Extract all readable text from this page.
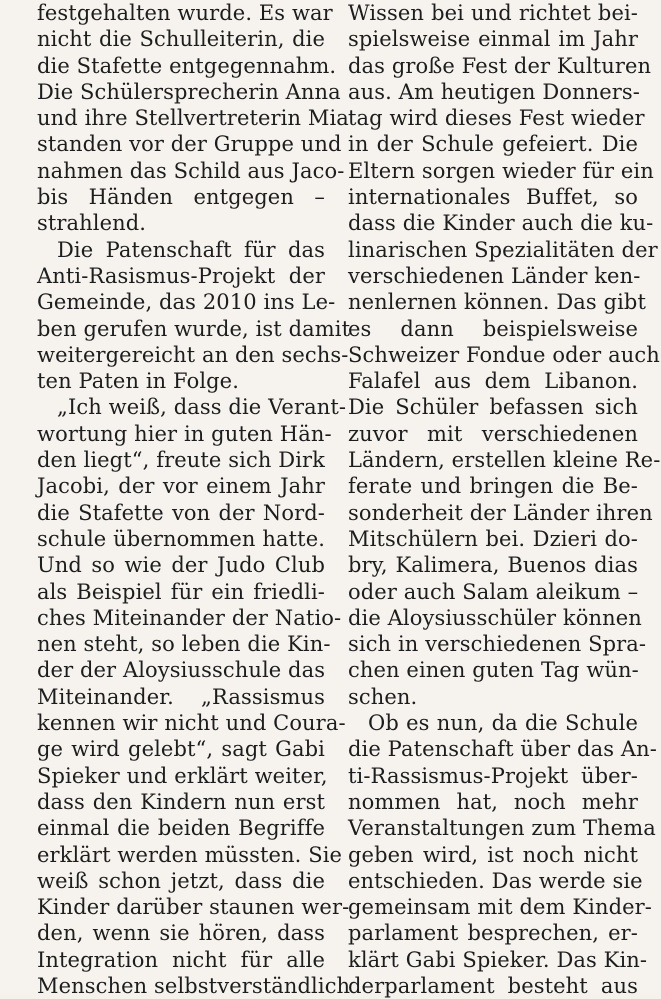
festgehalten wurde. Es war
nicht die Schulleiterin, die
die Stafette entgegennahm.
Die Schülersprecherin Anna
und ihre Stellvertreterin Mia
standen vor der Gruppe und
nahmen das Schild aus Jaco-
bis Händen entgegen –
strahlend.
Die Patenschaft für das
Anti-Rasismus-Projekt der
Gemeinde, das 2010 ins Le-
ben gerufen wurde, ist damit
weitergereicht an den sechs-
ten Paten in Folge.
„Ich weiß, dass die Verant-
wortung hier in guten Hän-
den liegt“, freute sich Dirk
Jacobi, der vor einem Jahr
die Stafette von der Nord-
schule übernommen hatte.
Und so wie der Judo Club
als Beispiel für ein friedli-
ches Miteinander der Natio-
nen steht, so leben die Kin-
der der Aloysiusschule das
Miteinander. „Rassismus
kennen wir nicht und Coura-
ge wird gelebt“, sagt Gabi
Spieker und erklärt weiter,
dass den Kindern nun erst
einmal die beiden Begriffe
erklärt werden müssten. Sie
weiß schon jetzt, dass die
Kinder darüber staunen wer-
den, wenn sie hören, dass
Integration nicht für alle
Menschen selbstverständlich
Wissen bei und richtet bei-
spielsweise einmal im Jahr
das große Fest der Kulturen
aus. Am heutigen Donners-
tag wird dieses Fest wieder
in der Schule gefeiert. Die
Eltern sorgen wieder für ein
internationales Buffet, so
dass die Kinder auch die ku-
linarischen Spezialitäten der
verschiedenen Länder ken-
nenlernen können. Das gibt
es dann beispielsweise
Schweizer Fondue oder auch
Falafel aus dem Libanon.
Die Schüler befassen sich
zuvor mit verschiedenen
Ländern, erstellen kleine Re-
ferate und bringen die Be-
sonderheit der Länder ihren
Mitschülern bei. Dzieri do-
bry, Kalimera, Buenos dias
oder auch Salam aleikum –
die Aloysiusschüler können
sich in verschiedenen Spra-
chen einen guten Tag wün-
schen.
Ob es nun, da die Schule
die Patenschaft über das An-
ti-Rassismus-Projekt über-
nommen hat, noch mehr
Veranstaltungen zum Thema
geben wird, ist noch nicht
entschieden. Das werde sie
gemeinsam mit dem Kinder-
parlament besprechen, er-
klärt Gabi Spieker. Das Kin-
derparlament besteht aus
